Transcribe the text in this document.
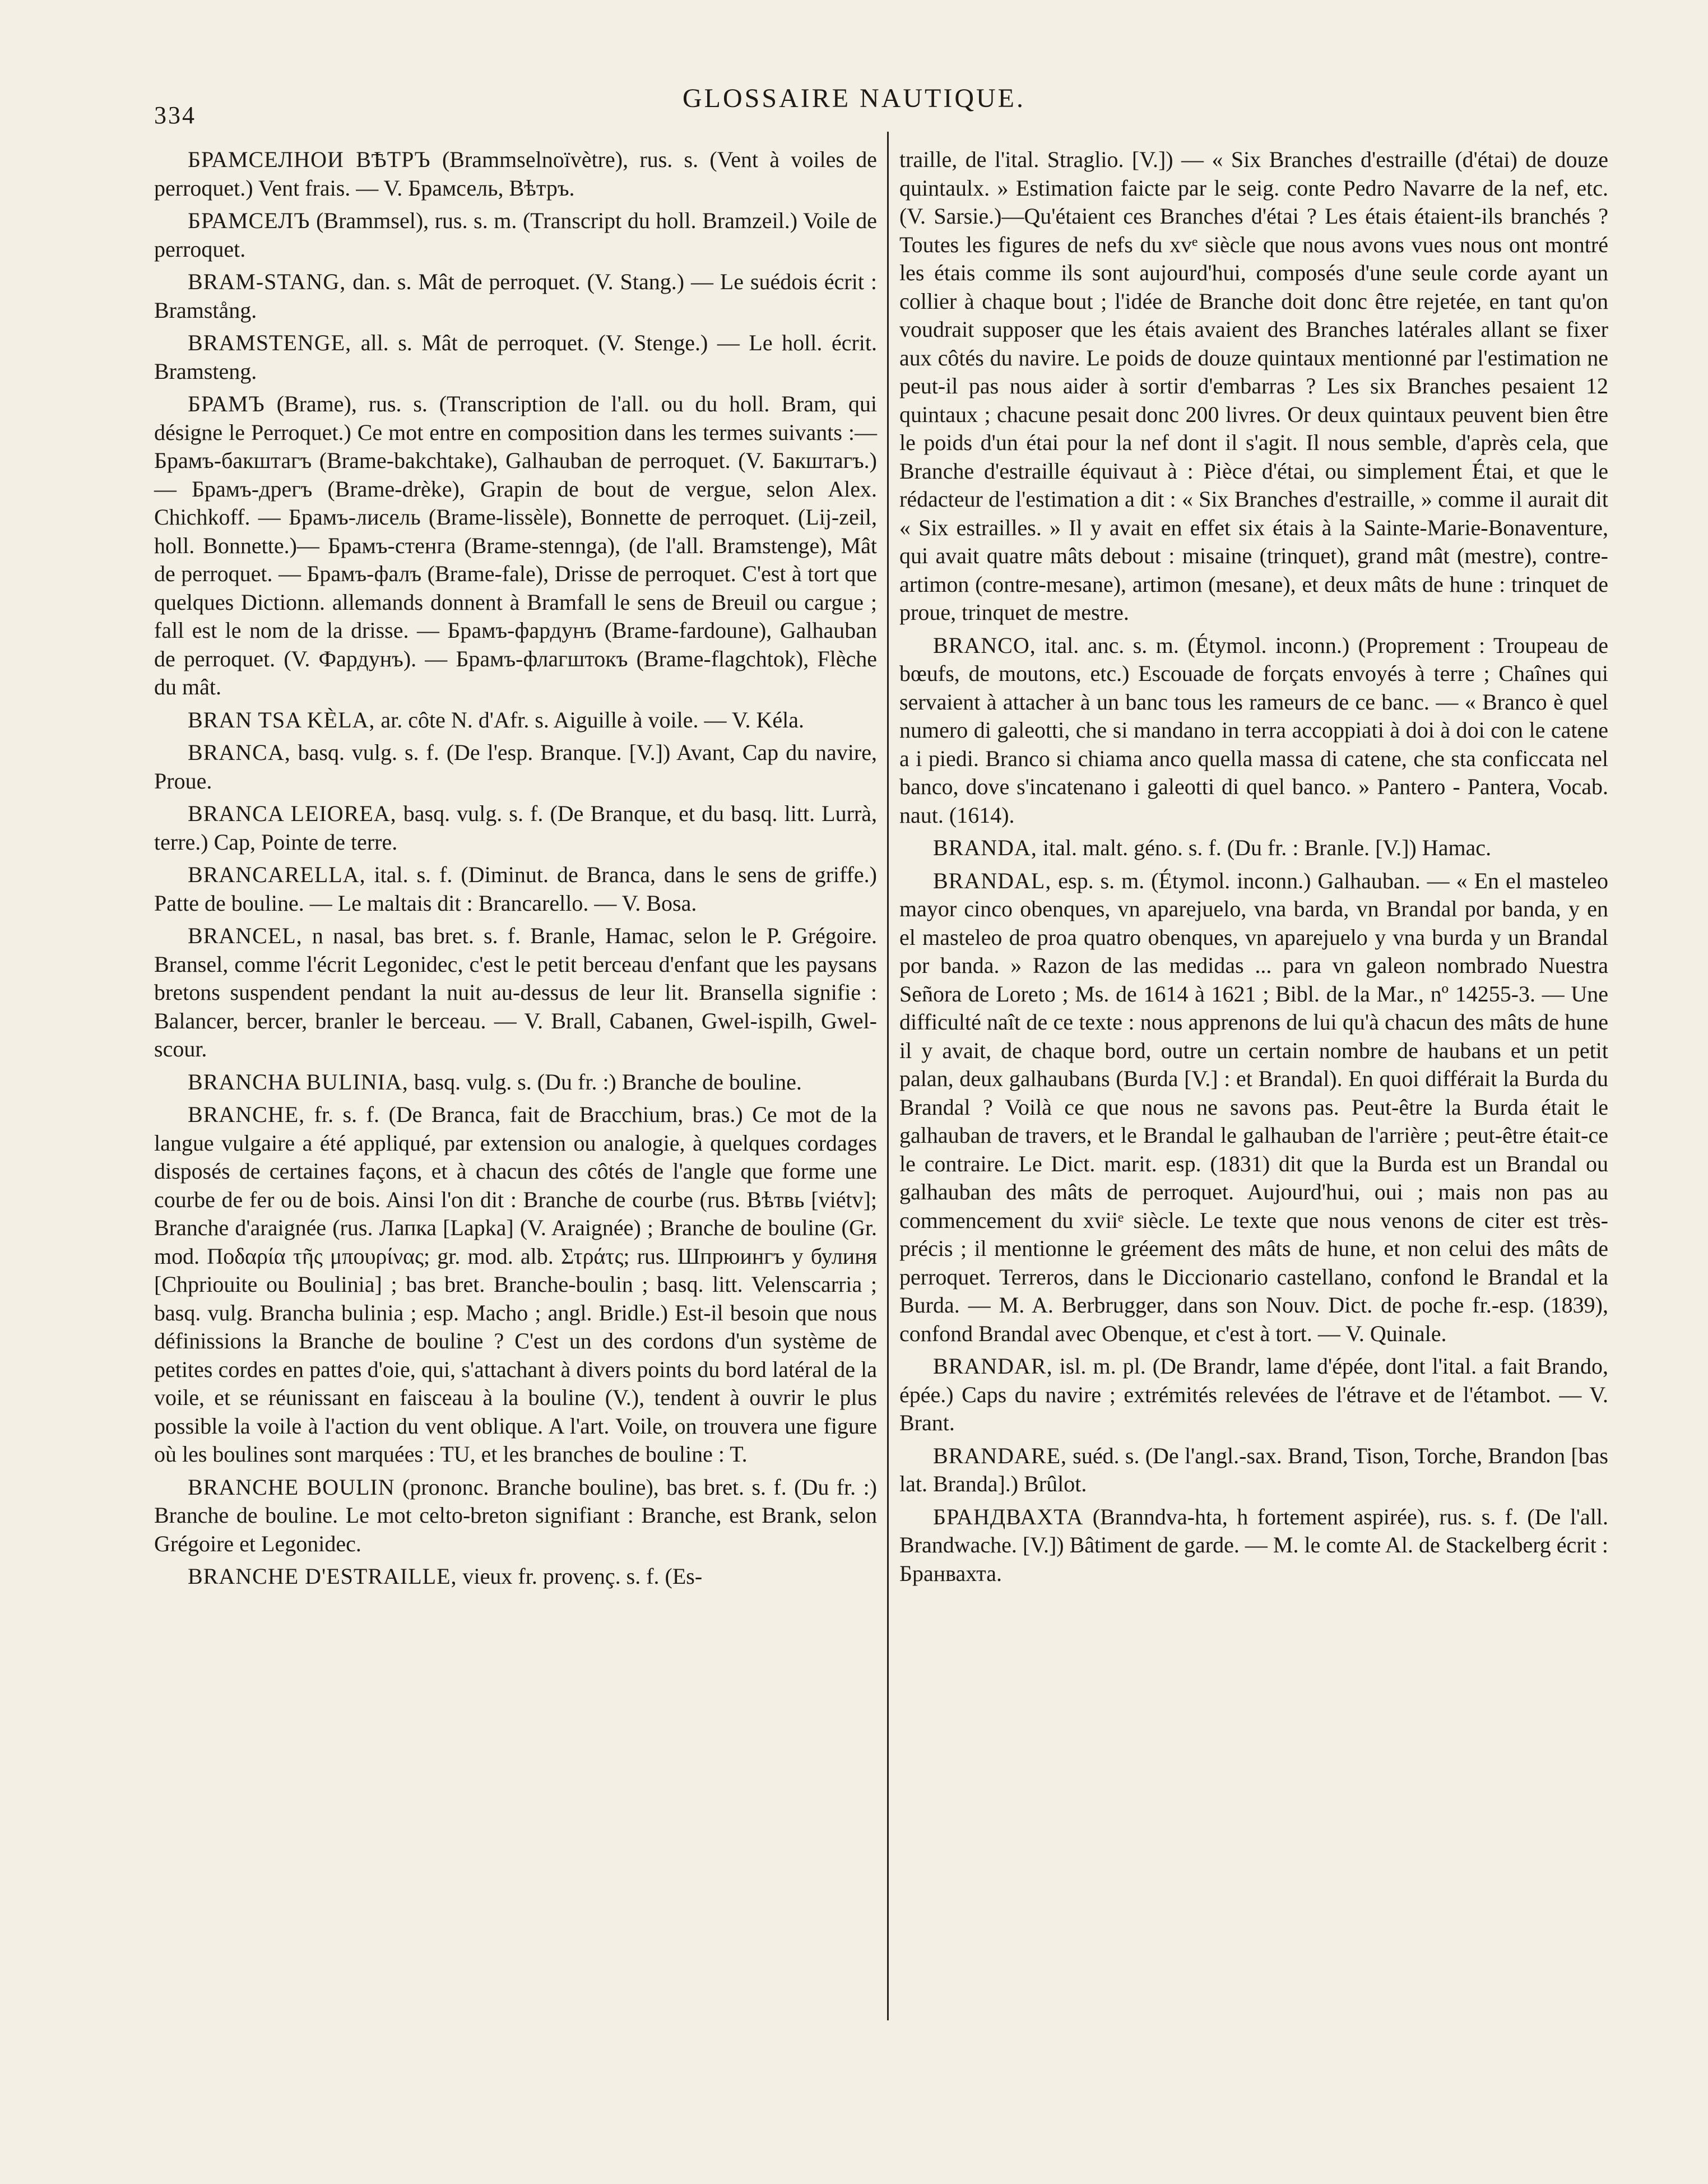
334
GLOSSAIRE NAUTIQUE.

БРАМСЕЛНОИ ВѢТРЪ (Brammselnoïvètre), rus. s. (Vent à voiles de perroquet.) Vent frais. — V. Брамсель, Вѣтръ.

БРАМСЕЛЪ (Brammsel), rus. s. m. (Transcript du holl. Bramzeil.) Voile de perroquet.

BRAM-STANG, dan. s. Mât de perroquet. (V. Stang.) — Le suédois écrit : Bramstång.

BRAMSTENGE, all. s. Mât de perroquet. (V. Stenge.) — Le holl. écrit. Bramsteng.

БРАМЪ (Brame), rus. s. (Transcription de l'all. ou du holl. Bram, qui désigne le Perroquet.) Ce mot entre en composition dans les termes suivants :—Брамъ-бакштагъ (Brame-bakchtake), Galhauban de perroquet. (V. Бакштагъ.)— Брамъ-дрегъ (Brame-drèke), Grapin de bout de vergue, selon Alex. Chichkoff. — Брамъ-лисель (Brame-lissèle), Bonnette de perroquet. (Lij-zeil, holl. Bonnette.)— Брамъ-стенга (Brame-stennga), (de l'all. Bramstenge), Mât de perroquet. — Брамъ-фалъ (Brame-fale), Drisse de perroquet. C'est à tort que quelques Dictionn. allemands donnent à Bramfall le sens de Breuil ou cargue ; fall est le nom de la drisse. — Брамъ-фардунъ (Brame-fardoune), Galhauban de perroquet. (V. Фардунъ). — Брамъ-флагштокъ (Brame-flagchtok), Flèche du mât.

BRAN TSA KÈLA, ar. côte N. d'Afr. s. Aiguille à voile. — V. Kéla.

BRANCA, basq. vulg. s. f. (De l'esp. Branque. [V.]) Avant, Cap du navire, Proue.

BRANCA LEIOREA, basq. vulg. s. f. (De Branque, et du basq. litt. Lurrà, terre.) Cap, Pointe de terre.

BRANCARELLA, ital. s. f. (Diminut. de Branca, dans le sens de griffe.) Patte de bouline. — Le maltais dit : Brancarello. — V. Bosa.

BRANCEL, n nasal, bas bret. s. f. Branle, Hamac, selon le P. Grégoire. Bransel, comme l'écrit Legonidec, c'est le petit berceau d'enfant que les paysans bretons suspendent pendant la nuit au-dessus de leur lit. Bransella signifie : Balancer, bercer, branler le berceau. — V. Brall, Cabanen, Gwel-ispilh, Gwel-scour.

BRANCHA BULINIA, basq. vulg. s. (Du fr. :) Branche de bouline.

BRANCHE, fr. s. f. (De Branca, fait de Bracchium, bras.) Ce mot de la langue vulgaire a été appliqué, par extension ou analogie, à quelques cordages disposés de certaines façons, et à chacun des côtés de l'angle que forme une courbe de fer ou de bois. Ainsi l'on dit : Branche de courbe (rus. Вѣтвь [viétv]; Branche d'araignée (rus. Лапка [Lapka] (V. Araignée) ; Branche de bouline (Gr. mod. Ποδαρία τῆς μπουρίνας; gr. mod. alb. Στράτς; rus. Шпрюингъ у булиня [Chpriouite ou Boulinia] ; bas bret. Branche-boulin ; basq. litt. Velenscarria ; basq. vulg. Brancha bulinia ; esp. Macho ; angl. Bridle.) Est-il besoin que nous définissions la Branche de bouline ? C'est un des cordons d'un système de petites cordes en pattes d'oie, qui, s'attachant à divers points du bord latéral de la voile, et se réunissant en faisceau à la bouline (V.), tendent à ouvrir le plus possible la voile à l'action du vent oblique. A l'art. Voile, on trouvera une figure où les boulines sont marquées : TU, et les branches de bouline : T.

BRANCHE BOULIN (prononc. Branche bouline), bas bret. s. f. (Du fr. :) Branche de bouline. Le mot celto-breton signifiant : Branche, est Brank, selon Grégoire et Legonidec.

BRANCHE D'ESTRAILLE, vieux fr. provenç. s. f. (Es-

traille, de l'ital. Straglio. [V.]) — « Six Branches d'estraille (d'étai) de douze quintaulx. » Estimation faicte par le seig. conte Pedro Navarre de la nef, etc. (V. Sarsie.)—Qu'étaient ces Branches d'étai ? Les étais étaient-ils branchés ? Toutes les figures de nefs du xvᵉ siècle que nous avons vues nous ont montré les étais comme ils sont aujourd'hui, composés d'une seule corde ayant un collier à chaque bout ; l'idée de Branche doit donc être rejetée, en tant qu'on voudrait supposer que les étais avaient des Branches latérales allant se fixer aux côtés du navire. Le poids de douze quintaux mentionné par l'estimation ne peut-il pas nous aider à sortir d'embarras ? Les six Branches pesaient 12 quintaux ; chacune pesait donc 200 livres. Or deux quintaux peuvent bien être le poids d'un étai pour la nef dont il s'agit. Il nous semble, d'après cela, que Branche d'estraille équivaut à : Pièce d'étai, ou simplement Étai, et que le rédacteur de l'estimation a dit : « Six Branches d'estraille, » comme il aurait dit « Six estrailles. » Il y avait en effet six étais à la Sainte-Marie-Bonaventure, qui avait quatre mâts debout : misaine (trinquet), grand mât (mestre), contre-artimon (contre-mesane), artimon (mesane), et deux mâts de hune : trinquet de proue, trinquet de mestre.

BRANCO, ital. anc. s. m. (Étymol. inconn.) (Proprement : Troupeau de bœufs, de moutons, etc.) Escouade de forçats envoyés à terre ; Chaînes qui servaient à attacher à un banc tous les rameurs de ce banc. — « Branco è quel numero di galeotti, che si mandano in terra accoppiati à doi à doi con le catene a i piedi. Branco si chiama anco quella massa di catene, che sta conficcata nel banco, dove s'incatenano i galeotti di quel banco. » Pantero - Pantera, Vocab. naut. (1614).

BRANDA, ital. malt. géno. s. f. (Du fr. : Branle. [V.]) Hamac.

BRANDAL, esp. s. m. (Étymol. inconn.) Galhauban. — « En el masteleo mayor cinco obenques, vn aparejuelo, vna barda, vn Brandal por banda, y en el masteleo de proa quatro obenques, vn aparejuelo y vna burda y un Brandal por banda. » Razon de las medidas ... para vn galeon nombrado Nuestra Señora de Loreto ; Ms. de 1614 à 1621 ; Bibl. de la Mar., nº 14255-3. — Une difficulté naît de ce texte : nous apprenons de lui qu'à chacun des mâts de hune il y avait, de chaque bord, outre un certain nombre de haubans et un petit palan, deux galhaubans (Burda [V.] : et Brandal). En quoi différait la Burda du Brandal ? Voilà ce que nous ne savons pas. Peut-être la Burda était le galhauban de travers, et le Brandal le galhauban de l'arrière ; peut-être était-ce le contraire. Le Dict. marit. esp. (1831) dit que la Burda est un Brandal ou galhauban des mâts de perroquet. Aujourd'hui, oui ; mais non pas au commencement du xviiᵉ siècle. Le texte que nous venons de citer est très-précis ; il mentionne le gréement des mâts de hune, et non celui des mâts de perroquet. Terreros, dans le Diccionario castellano, confond le Brandal et la Burda. — M. A. Berbrugger, dans son Nouv. Dict. de poche fr.-esp. (1839), confond Brandal avec Obenque, et c'est à tort. — V. Quinale.

BRANDAR, isl. m. pl. (De Brandr, lame d'épée, dont l'ital. a fait Brando, épée.) Caps du navire ; extrémités relevées de l'étrave et de l'étambot. — V. Brant.

BRANDARE, suéd. s. (De l'angl.-sax. Brand, Tison, Torche, Brandon [bas lat. Branda].) Brûlot.

БРАНДВАХТА (Branndva-hta, h fortement aspirée), rus. s. f. (De l'all. Brandwache. [V.]) Bâtiment de garde. — M. le comte Al. de Stackelberg écrit : Бранвахта.
